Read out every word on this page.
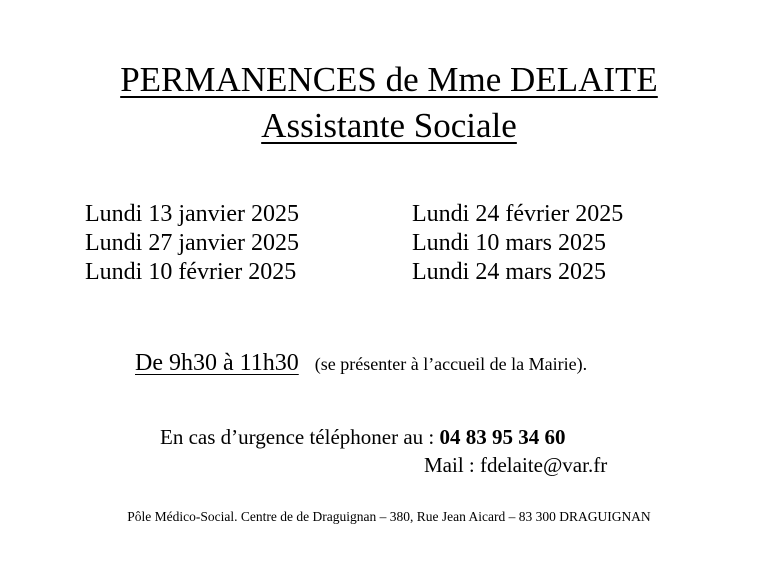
PERMANENCES de Mme DELAITE
Assistante Sociale
Lundi 13 janvier 2025
Lundi 27 janvier 2025
Lundi 10 février 2025
Lundi 24 février 2025
Lundi 10 mars 2025
Lundi 24 mars 2025
De 9h30 à 11h30 (se présenter à l’accueil de la Mairie).
En cas d’urgence téléphoner au : 04 83 95 34 60
Mail : fdelaite@var.fr
Pôle Médico-Social. Centre de de Draguignan – 380, Rue Jean Aicard – 83 300 DRAGUIGNAN
